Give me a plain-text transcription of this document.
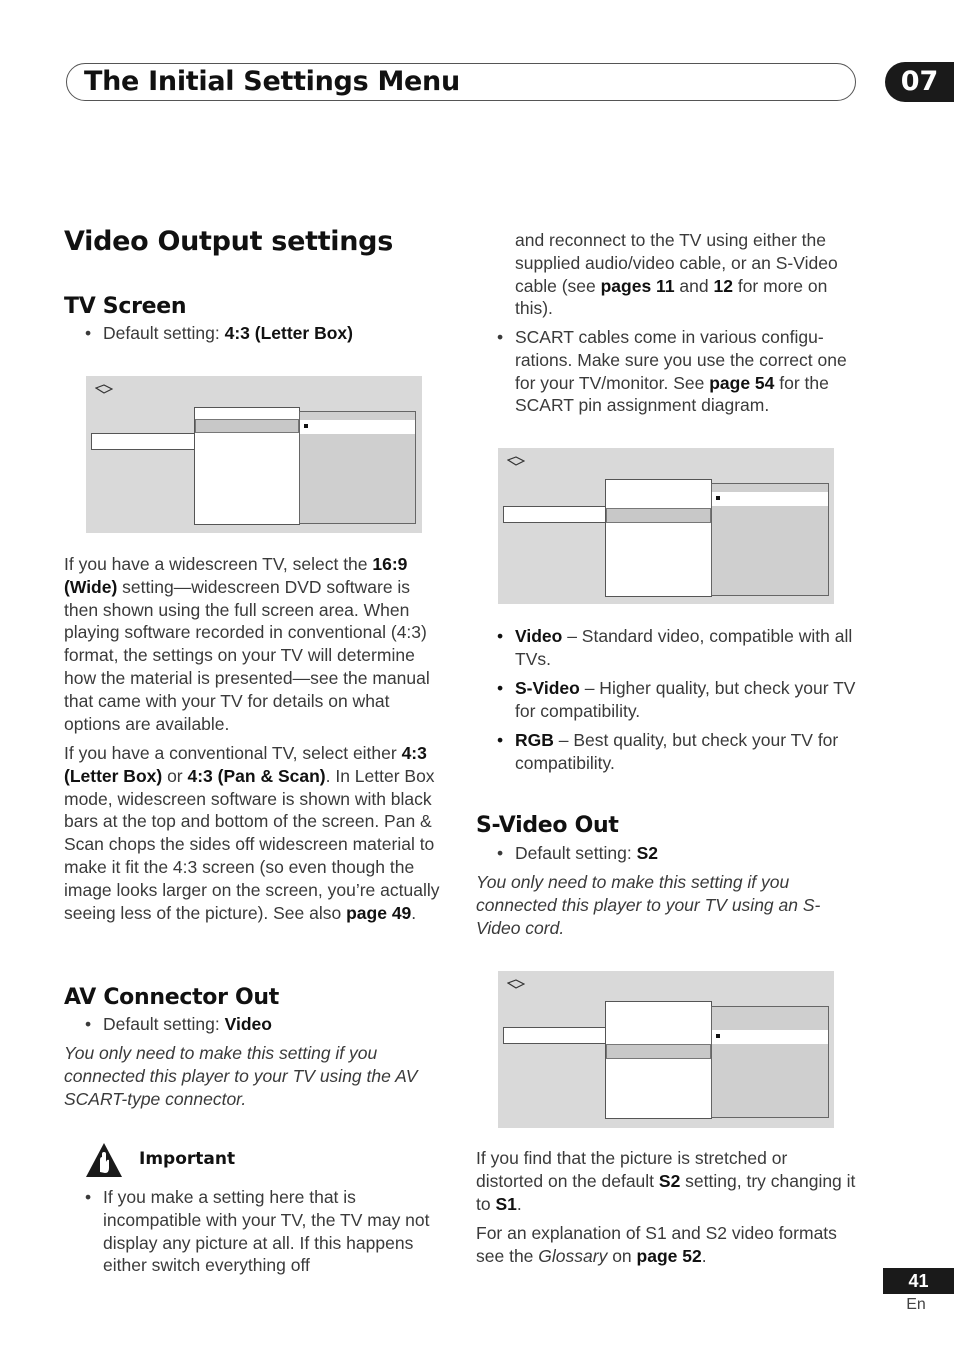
The Initial Settings Menu	07
Video Output settings
TV Screen

• Default setting: 4:3 (Letter Box)

If you have a widescreen TV, select the 16:9 (Wide) setting—widescreen DVD software is then shown using the full screen area. When playing software recorded in conventional (4:3) format, the settings on your TV will determine how the material is presented—see the manual that came with your TV for details on what options are available.

If you have a conventional TV, select either 4:3 (Letter Box) or 4:3 (Pan & Scan). In Letter Box mode, widescreen software is shown with black bars at the top and bottom of the screen. Pan & Scan chops the sides off widescreen material to make it fit the 4:3 screen (so even though the image looks larger on the screen, you’re actually seeing less of the picture). See also page 49.

AV Connector Out

• Default setting: Video

You only need to make this setting if you connected this player to your TV using the AV SCART-type connector.

Important

• If you make a setting here that is incompatible with your TV, the TV may not display any picture at all. If this happens either switch everything off

and reconnect to the TV using either the supplied audio/video cable, or an S-Video cable (see pages 11 and 12 for more on this).

• SCART cables come in various configu-rations. Make sure you use the correct one for your TV/monitor. See page 54 for the SCART pin assignment diagram.

• Video – Standard video, compatible with all TVs.

• S-Video – Higher quality, but check your TV for compatibility.

• RGB – Best quality, but check your TV for compatibility.

S-Video Out

• Default setting: S2

You only need to make this setting if you connected this player to your TV using an S-Video cord.

If you find that the picture is stretched or distorted on the default S2 setting, try changing it to S1.

For an explanation of S1 and S2 video formats see the Glossary on page 52.

41
En
